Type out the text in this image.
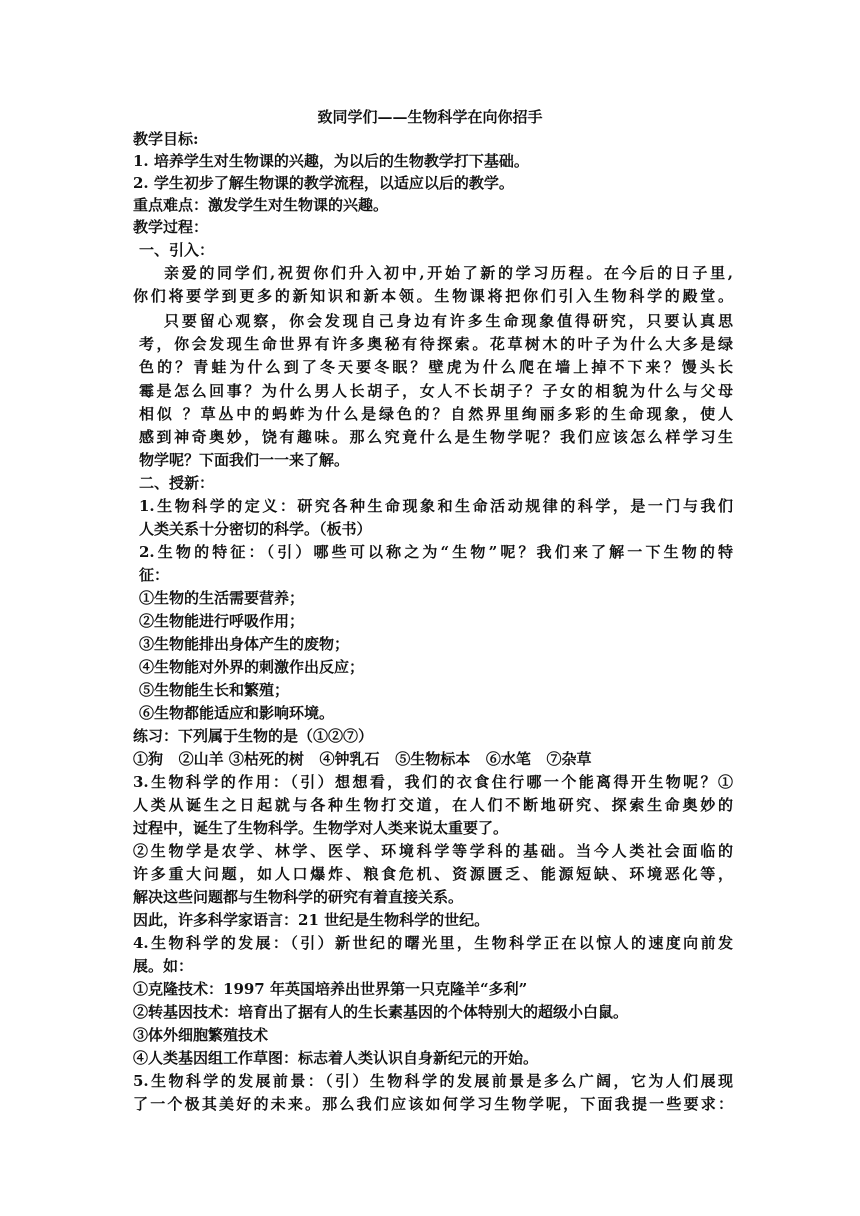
致同学们——生物科学在向你招手
教学目标:
1. 培养学生对生物课的兴趣，为以后的生物教学打下基础。
2. 学生初步了解生物课的教学流程，以适应以后的教学。
重点难点：激发学生对生物课的兴趣。
教学过程：
一、引入：
亲爱的同学们,祝贺你们升入初中,开始了新的学习历程。在今后的日子里,
你们将要学到更多的新知识和新本领。生物课将把你们引入生物科学的殿堂。
只要留心观察，你会发现自己身边有许多生命现象值得研究，只要认真思
考，你会发现生命世界有许多奥秘有待探索。花草树木的叶子为什么大多是绿
色的？青蛙为什么到了冬天要冬眠？壁虎为什么爬在墙上掉不下来？馒头长
霉是怎么回事？为什么男人长胡子，女人不长胡子？子女的相貌为什么与父母
相似 ？草丛中的蚂蚱为什么是绿色的？自然界里绚丽多彩的生命现象，使人
感到神奇奥妙，饶有趣味。那么究竟什么是生物学呢？我们应该怎么样学习生
物学呢？下面我们一一来了解。
二、授新：
1.生物科学的定义：研究各种生命现象和生命活动规律的科学，是一门与我们
人类关系十分密切的科学。（板书）
2.生物的特征：（引）哪些可以称之为“生物”呢？我们来了解一下生物的特
征：
①生物的生活需要营养；
②生物能进行呼吸作用；
③生物能排出身体产生的废物；
④生物能对外界的刺激作出反应；
⑤生物能生长和繁殖；
⑥生物都能适应和影响环境。
练习：下列属于生物的是（①②⑦）
①狗   ②山羊 ③枯死的树   ④钟乳石   ⑤生物标本   ⑥水笔   ⑦杂草
3.生物科学的作用：（引）想想看，我们的衣食住行哪一个能离得开生物呢？①
人类从诞生之日起就与各种生物打交道，在人们不断地研究、探索生命奥妙的
过程中，诞生了生物科学。生物学对人类来说太重要了。
②生物学是农学、林学、医学、环境科学等学科的基础。当今人类社会面临的
许多重大问题，如人口爆炸、粮食危机、资源匮乏、能源短缺、环境恶化等，
解决这些问题都与生物科学的研究有着直接关系。
因此，许多科学家语言：21 世纪是生物科学的世纪。
4.生物科学的发展：（引）新世纪的曙光里，生物科学正在以惊人的速度向前发
展。如：
①克隆技术：1997 年英国培养出世界第一只克隆羊“多利”
②转基因技术：培育出了据有人的生长素基因的个体特别大的超级小白鼠。
③体外细胞繁殖技术
④人类基因组工作草图：标志着人类认识自身新纪元的开始。
5.生物科学的发展前景：（引）生物科学的发展前景是多么广阔，它为人们展现
了一个极其美好的未来。那么我们应该如何学习生物学呢，下面我提一些要求：
